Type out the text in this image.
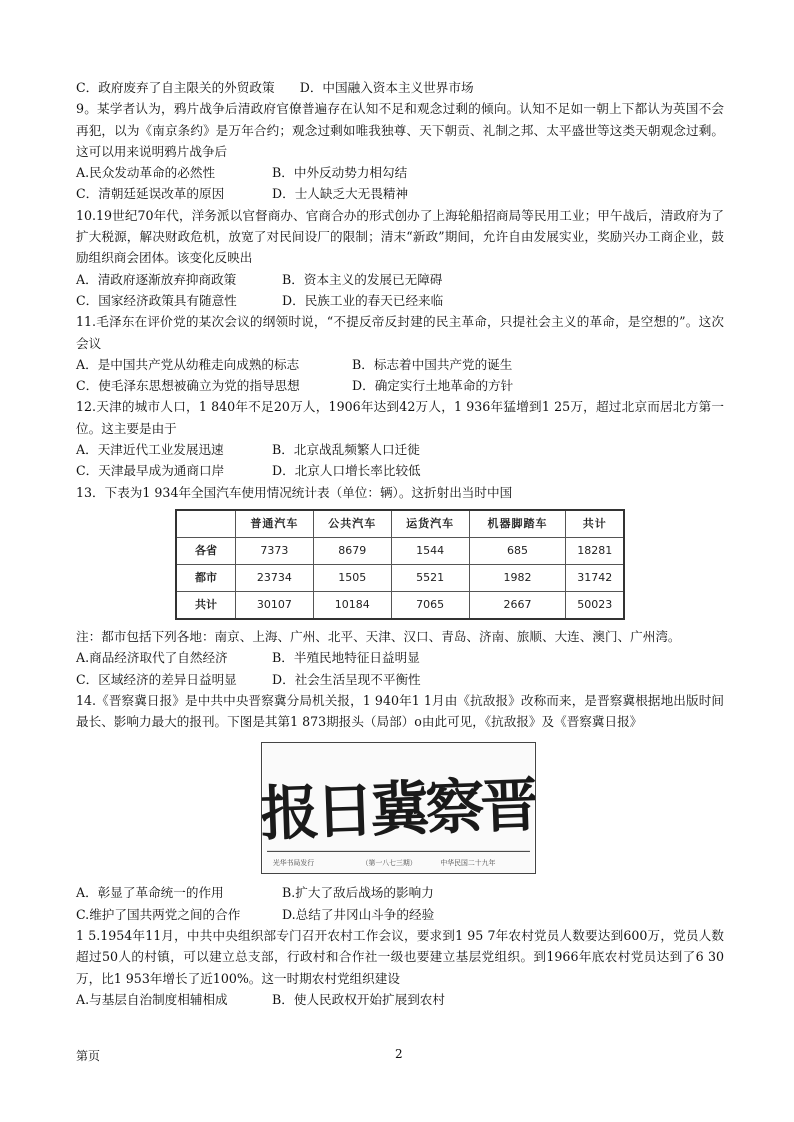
C．政府废弃了自主限关的外贸政策　　D．中国融入资本主义世界市场
9。某学者认为，鸦片战争后清政府官僚普遍存在认知不足和观念过剩的倾向。认知不足如一朝上下都认为英国不会再犯，以为《南京条约》是万年合约；观念过剩如唯我独尊、天下朝贡、礼制之邦、太平盛世等这类天朝观念过剩。这可以用来说明鸦片战争后
A.民众发动革命的必然性	B．中外反动势力相勾结
C．清朝廷延误改革的原因	D．士人缺乏大无畏精神
10.19世纪70年代，洋务派以官督商办、官商合办的形式创办了上海轮船招商局等民用工业；甲午战后，清政府为了扩大税源，解决财政危机，放宽了对民间设厂的限制；清末“新政”期间，允许自由发展实业，奖励兴办工商企业，鼓励组织商会团体。该变化反映出
A．清政府逐渐放弃抑商政策	B．资本主义的发展已无障碍
C．国家经济政策具有随意性	D．民族工业的春天已经来临
11.毛泽东在评价党的某次会议的纲领时说，“不提反帝反封建的民主革命，只提社会主义的革命，是空想的”。这次会议
A．是中国共产党从幼稚走向成熟的标志	B．标志着中国共产党的诞生
C．使毛泽东思想被确立为党的指导思想	D．确定实行土地革命的方针
12.天津的城市人口，1 840年不足20万人，1906年达到42万人，1 936年猛增到1 25万，超过北京而居北方第一位。这主要是由于
A．天津近代工业发展迅速	B．北京战乱频繁人口迁徙
C．天津最早成为通商口岸	D．北京人口增长率比较低
13．下表为1 934年全国汽车使用情况统计表（单位：辆）。这折射出当时中国
	普通汽车	公共汽车	运货汽车	机器脚踏车	共计
各省	7373	8679	1544	685	18281
都市	23734	1505	5521	1982	31742
共计	30107	10184	7065	2667	50023
注：都市包括下列各地：南京、上海、广州、北平、天津、汉口、青岛、济南、旅顺、大连、澳门、广州湾。
A.商品经济取代了自然经济	B．半殖民地特征日益明显
C．区域经济的差异日益明显	D．社会生活呈现不平衡性
14.《晋察冀日报》是中共中央晋察冀分局机关报，1 940年1 1月由《抗敌报》改称而来，是晋察冀根据地出版时间最长、影响力最大的报刊。下图是其第1 873期报头（局部）o由此可见，《抗敌报》及《晋察冀日报》
报日冀察晋
光华书局发行	（第一八七三期）	中华民国二十九年
A．彰显了革命统一的作用	B.扩大了敌后战场的影响力
C.维护了国共两党之间的合作	D.总结了井冈山斗争的经验
1 5.1954年11月，中共中央组织部专门召开农村工作会议，要求到1 95 7年农村党员人数要达到600万，党员人数超过50人的村镇，可以建立总支部，行政村和合作社一级也要建立基层党组织。到1966年底农村党员达到了6 30万，比1 953年增长了近100%。这一时期农村党组织建设
A.与基层自治制度相辅相成	B．使人民政权开始扩展到农村
第页	2
